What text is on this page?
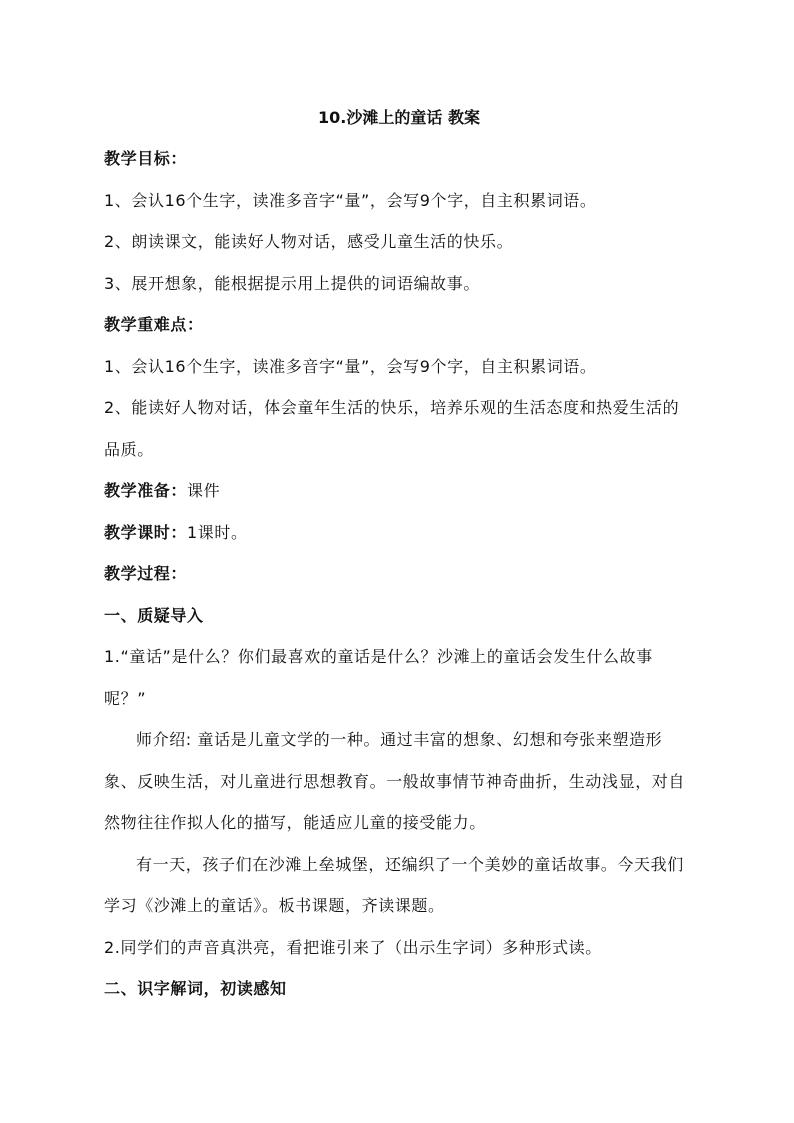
10.沙滩上的童话 教案

教学目标：

1、会认16个生字，读准多音字“量”，会写9个字，自主积累词语。

2、朗读课文，能读好人物对话，感受儿童生活的快乐。

3、展开想象，能根据提示用上提供的词语编故事。

教学重难点：

1、会认16个生字，读准多音字“量”，会写9个字，自主积累词语。

2、能读好人物对话，体会童年生活的快乐，培养乐观的生活态度和热爱生活的品质。

教学准备：课件

教学课时：1课时。

教学过程：

一、质疑导入

1.“童话”是什么？你们最喜欢的童话是什么？沙滩上的童话会发生什么故事呢？”

师介绍: 童话是儿童文学的一种。通过丰富的想象、幻想和夸张来塑造形象、反映生活，对儿童进行思想教育。一般故事情节神奇曲折，生动浅显，对自然物往往作拟人化的描写，能适应儿童的接受能力。

有一天，孩子们在沙滩上垒城堡，还编织了一个美妙的童话故事。今天我们学习《沙滩上的童话》。板书课题，齐读课题。

2.同学们的声音真洪亮，看把谁引来了（出示生字词）多种形式读。

二、识字解词，初读感知
